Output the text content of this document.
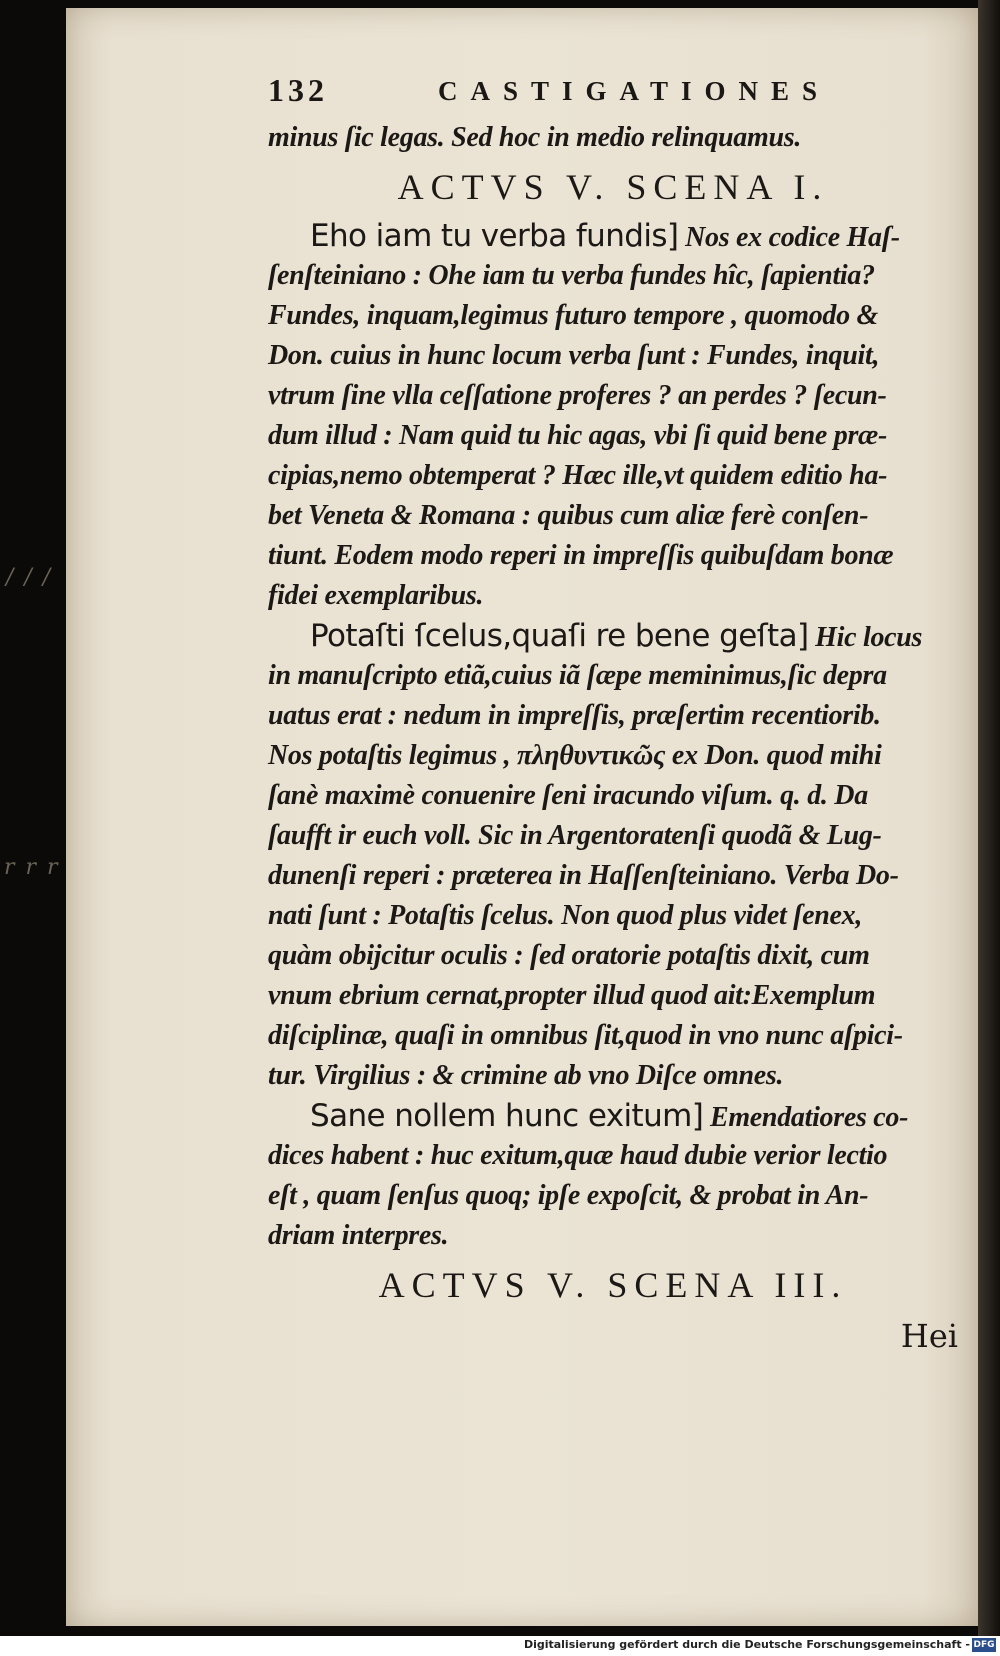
/ / /
r r r
132	CASTIGATIONES
minus ſic legas. Sed hoc in medio relinquamus.
ACTVS V. SCENA I.
Eho iam tu verba fundis] Nos ex codice Haſ-
ſenſteiniano : Ohe iam tu verba fundes hîc, ſapientia?
Fundes, inquam,legimus futuro tempore , quomodo &
Don. cuius in hunc locum verba ſunt : Fundes, inquit,
vtrum ſine vlla ceſſatione proferes ? an perdes ? ſecun-
dum illud : Nam quid tu hic agas, vbi ſi quid bene præ-
cipias,nemo obtemperat ? Hæc ille,vt quidem editio ha-
bet Veneta & Romana : quibus cum aliæ ferè conſen-
tiunt. Eodem modo reperi in impreſſis quibuſdam bonæ
fidei exemplaribus.
Potaſti ſcelus,quaſi re bene geſta] Hic locus
in manuſcripto etiã,cuius iã ſæpe meminimus,ſic depra
uatus erat : nedum in impreſſis, præſertim recentiorib.
Nos potaſtis legimus , πληθυντικῶς ex Don. quod mihi
ſanè maximè conuenire ſeni iracundo viſum. q. d. Da
ſaufft ir euch voll. Sic in Argentoratenſi quodã & Lug-
dunenſi reperi : præterea in Haſſenſteiniano. Verba Do-
nati ſunt : Potaſtis ſcelus. Non quod plus videt ſenex,
quàm obijcitur oculis : ſed oratorie potaſtis dixit, cum
vnum ebrium cernat,propter illud quod ait:Exemplum
diſciplinæ, quaſi in omnibus ſit,quod in vno nunc aſpici-
tur. Virgilius : & crimine ab vno Diſce omnes.
Sane nollem hunc exitum] Emendatiores co-
dices habent : huc exitum,quæ haud dubie verior lectio
eſt , quam ſenſus quoq; ipſe expoſcit, & probat in An-
driam interpres.
ACTVS V. SCENA III.
Hei
Digitalisierung gefördert durch die Deutsche Forschungsgemeinschaft - DFG
